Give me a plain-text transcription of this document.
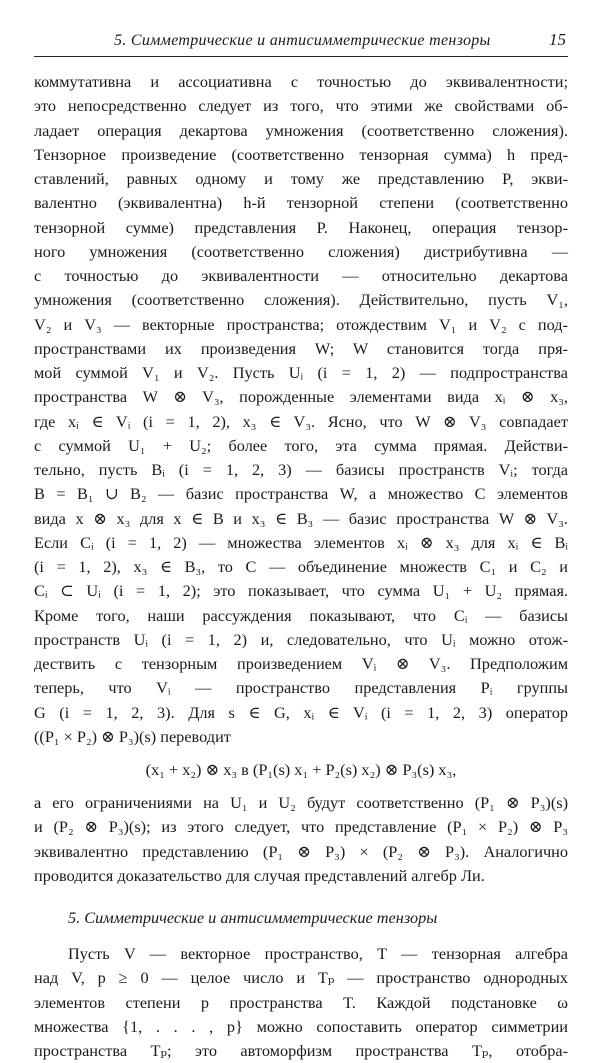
5. Симметрические и антисимметрические тензоры	15
коммутативна и ассоциативна с точностью до эквивалентности;
это непосредственно следует из того, что этими же свойствами об-
ладает операция декартова умножения (соответственно сложения).
Тензорное произведение (соответственно тензорная сумма) h пред-
ставлений, равных одному и тому же представлению P, экви-
валентно (эквивалентна) h-й тензорной степени (соответственно
тензорной сумме) представления P. Наконец, операция тензор-
ного умножения (соответственно сложения) дистрибутивна —
с точностью до эквивалентности — относительно декартова
умножения (соответственно сложения). Действительно, пусть V₁,
V₂ и V₃ — векторные пространства; отождествим V₁ и V₂ с под-
пространствами их произведения W; W становится тогда пря-
мой суммой V₁ и V₂. Пусть Uᵢ (i = 1, 2) — подпространства
пространства W ⊗ V₃, порожденные элементами вида xᵢ ⊗ x₃,
где xᵢ ∈ Vᵢ (i = 1, 2), x₃ ∈ V₃. Ясно, что W ⊗ V₃ совпадает
с суммой U₁ + U₂; более того, эта сумма прямая. Действи-
тельно, пусть Bᵢ (i = 1, 2, 3) — базисы пространств Vᵢ; тогда
B = B₁ ∪ B₂ — базис пространства W, а множество C элементов
вида x ⊗ x₃ для x ∈ B и x₃ ∈ B₃ — базис пространства W ⊗ V₃.
Если Cᵢ (i = 1, 2) — множества элементов xᵢ ⊗ x₃ для xᵢ ∈ Bᵢ
(i = 1, 2), x₃ ∈ B₃, то C — объединение множеств C₁ и C₂ и
Cᵢ ⊂ Uᵢ (i = 1, 2); это показывает, что сумма U₁ + U₂ прямая.
Кроме того, наши рассуждения показывают, что Cᵢ — базисы
пространств Uᵢ (i = 1, 2) и, следовательно, что Uᵢ можно отож-
дествить с тензорным произведением Vᵢ ⊗ V₃. Предположим
теперь, что Vᵢ — пространство представления Pᵢ группы
G (i = 1, 2, 3). Для s ∈ G, xᵢ ∈ Vᵢ (i = 1, 2, 3) оператор
((P₁ × P₂) ⊗ P₃)(s) переводит
(x₁ + x₂) ⊗ x₃ в (P₁(s) x₁ + P₂(s) x₂) ⊗ P₃(s) x₃,
а его ограничениями на U₁ и U₂ будут соответственно (P₁ ⊗ P₃)(s)
и (P₂ ⊗ P₃)(s); из этого следует, что представление (P₁ × P₂) ⊗ P₃
эквивалентно представлению (P₁ ⊗ P₃) × (P₂ ⊗ P₃). Аналогично
проводится доказательство для случая представлений алгебр Ли.
5. Симметрические и антисимметрические тензоры
Пусть V — векторное пространство, T — тензорная алгебра
над V, p ≥ 0 — целое число и Tₚ — пространство однородных
элементов степени p пространства T. Каждой подстановке ω
множества {1, . . . , p} можно сопоставить оператор симметрии
пространства Tₚ; это автоморфизм пространства Tₚ, отобра-
